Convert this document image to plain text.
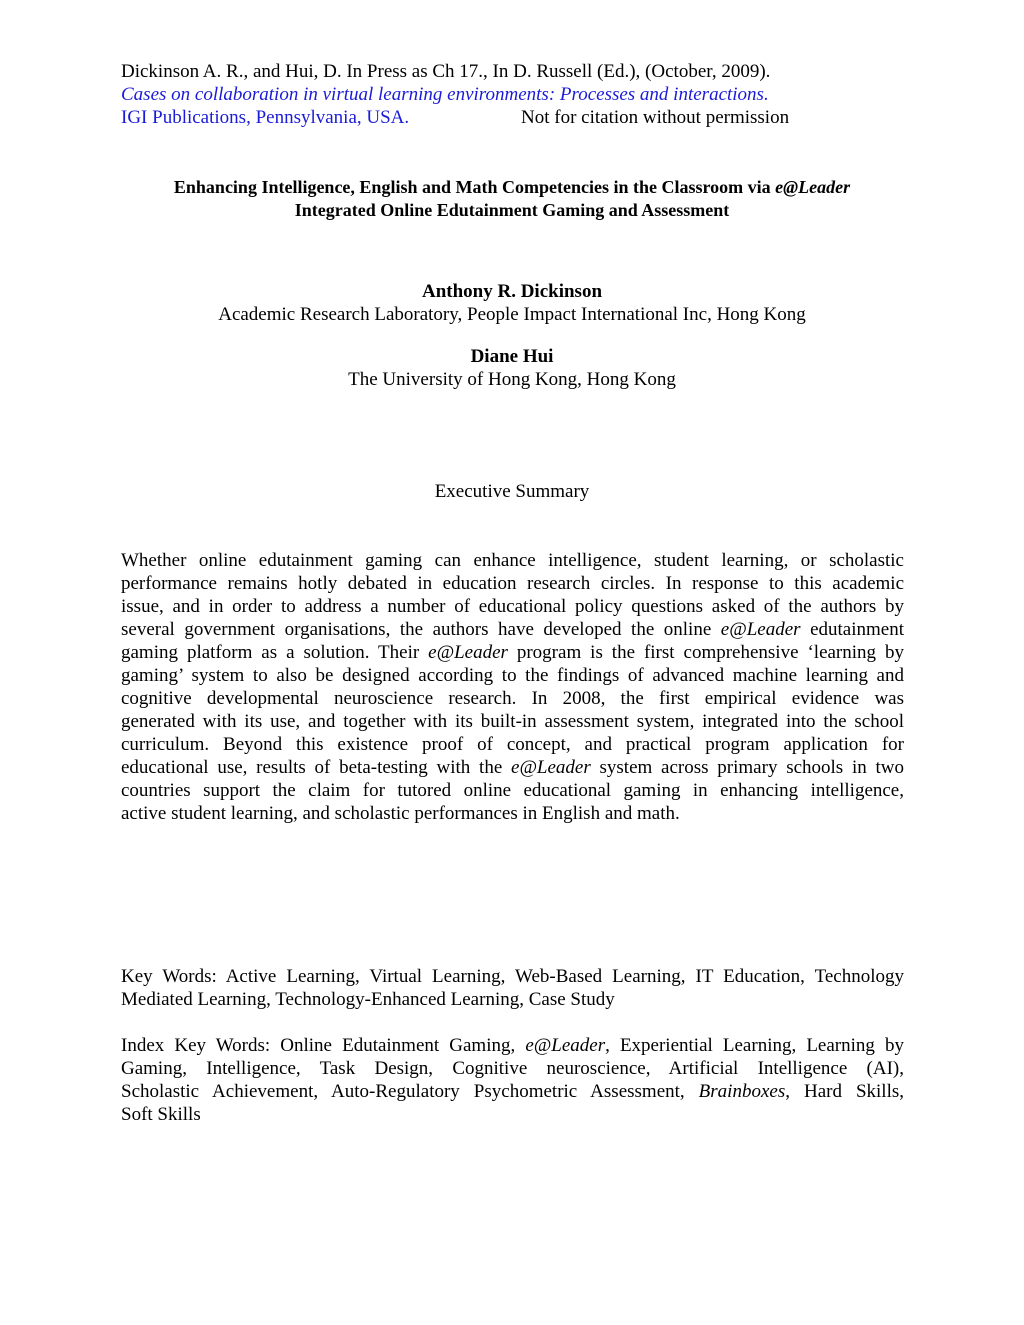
Dickinson A. R., and Hui, D. In Press as Ch 17., In D. Russell (Ed.), (October, 2009).
Cases on collaboration in virtual learning environments: Processes and interactions.
IGI Publications, Pennsylvania, USA.	Not for citation without permission
Enhancing Intelligence, English and Math Competencies in the Classroom via e@Leader
Integrated Online Edutainment Gaming and Assessment
Anthony R. Dickinson
Academic Research Laboratory, People Impact International Inc, Hong Kong
Diane Hui
The University of Hong Kong, Hong Kong
Executive Summary
Whether online edutainment gaming can enhance intelligence, student learning, or scholastic
performance remains hotly debated in education research circles. In response to this academic
issue, and in order to address a number of educational policy questions asked of the authors by
several government organisations, the authors have developed the online e@Leader edutainment
gaming platform as a solution. Their e@Leader program is the first comprehensive ‘learning by
gaming’ system to also be designed according to the findings of advanced machine learning and
cognitive developmental neuroscience research. In 2008, the first empirical evidence was
generated with its use, and together with its built-in assessment system, integrated into the school
curriculum. Beyond this existence proof of concept, and practical program application for
educational use, results of beta-testing with the e@Leader system across primary schools in two
countries support the claim for tutored online educational gaming in enhancing intelligence,
active student learning, and scholastic performances in English and math.
Key Words: Active Learning, Virtual Learning, Web-Based Learning, IT Education, Technology
Mediated Learning, Technology-Enhanced Learning, Case Study
Index Key Words: Online Edutainment Gaming, e@Leader, Experiential Learning, Learning by
Gaming, Intelligence, Task Design, Cognitive neuroscience, Artificial Intelligence (AI),
Scholastic Achievement, Auto-Regulatory Psychometric Assessment, Brainboxes, Hard Skills,
Soft Skills
